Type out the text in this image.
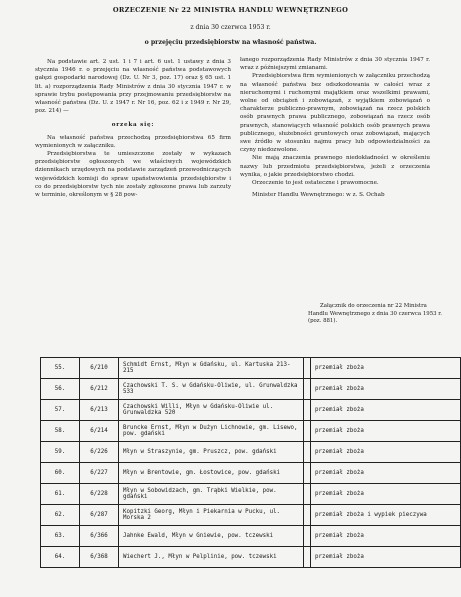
ORZECZENIE Nr 22 MINISTRA HANDLU WEWNĘTRZNEGO
z dnia 30 czerwca 1953 r.
o przejęciu przedsiębiorstw na własność państwa.

Na podstawie art. 2 ust. 1 i 7 i art. 6 ust. 1 ustawy z dnia 3 stycznia 1946 r. o przejęciu na własność państwa podstawowych gałęzi gospodarki narodowej (Dz. U. Nr 3, poz. 17) oraz § 65 ust. 1 lit. a) rozporządzenia Rady Ministrów z dnia 30 stycznia 1947 r. w sprawie trybu postępowania przy przejmowaniu przedsiębiorstw na własność państwa (Dz. U. z 1947 r. Nr 16, poz. 62 i z 1949 r. Nr 29, poz. 214) —

orzeka się:

Na własność państwa przechodzą przedsiębiorstwa 65 firm wymienionych w załączniku.

Przedsiębiorstwa te umieszczone zostały w wykazach przedsiębiorstw ogłoszonych we właściwych wojewódzkich dziennikach urzędowych na podstawie zarządzeń przewodniczących wojewódzkich komisji do spraw upaństwowienia przedsiębiorstw i co do przedsiębiorstw tych nie zostały zgłoszone prawa lub zarzuty w terminie, określonym w § 28 pow-

łanego rozporządzenia Rady Ministrów z dnia 30 stycznia 1947 r. wraz z późniejszymi zmianami.

Przedsiębiorstwa firm wymienionych w załączniku przechodzą na własność państwa bez odszkodowania w całości wraz z nieruchomymi i ruchomymi majątkiem oraz wszelkimi prawami, wolne od obciążeń i zobowiązań, z wyjątkiem zobowiązań o charakterze publiczno-prawnym, zobowiązań na rzecz polskich osób prawnych prawa publicznego, zobowiązań na rzecz osób prawnych, stanowiących własność polskich osób prawnych prawa publicznego, służebności gruntowych oraz zobowiązań, mających swe źródło w stosunku najmu pracy lub odpowiedzialności za czyny niedozwolone.

Nie mają znaczenia prawnego niedokładności w określeniu nazwy lub przedmiotu przedsiębiorstwa, jeżeli z orzeczenia wynika, o jakie przedsiębiorstwo chodzi.

Orzeczenie to jest ostateczne i prawomocne.

Minister Handlu Wewnętrznego: w z. S. Ochab

Załącznik do orzeczenia nr 22 Ministra Handlu Wewnętrznego z dnia 30 czerwca 1953 r. (poz. 881).
55.	6/210	Schmidt Ernst, Młyn w Gdańsku, ul. Kartuska 213-215		przemiał zboża
56.	6/212	Czachowski T. S. w Gdańsku-Oliwie, ul. Grunwaldzka 533		przemiał zboża
57.	6/213	Czachowski Willi, Młyn w Gdańsku-Oliwie ul. Grunwaldzka 520		przemiał zboża
58.	6/214	Bruncke Ernst, Młyn w Dużyn Lichnowie, gm. Lisewo, pow. gdański		przemiał zboża
59.	6/226	Młyn w Straszynie, gm. Pruszcz, pow. gdański		przemiał zboża
60.	6/227	Młyn w Brentowie, gm. Łostowice, pow. gdański		przemiał zboża
61.	6/228	Młyn w Sobowidzach, gm. Trąbki Wielkie, pow. gdański		przemiał zboża
62.	6/287	Kopitzki Georg, Młyn i Piekarnia w Pucku, ul. Morska 2		przemiał zboża i wypiek pieczywa
63.	6/366	Jahnke Ewald, Młyn w Gniewie, pow. tczewski		przemiał zboża
64.	6/368	Wiechert J., Młyn w Pelplinie, pow. tczewski		przemiał zboża
